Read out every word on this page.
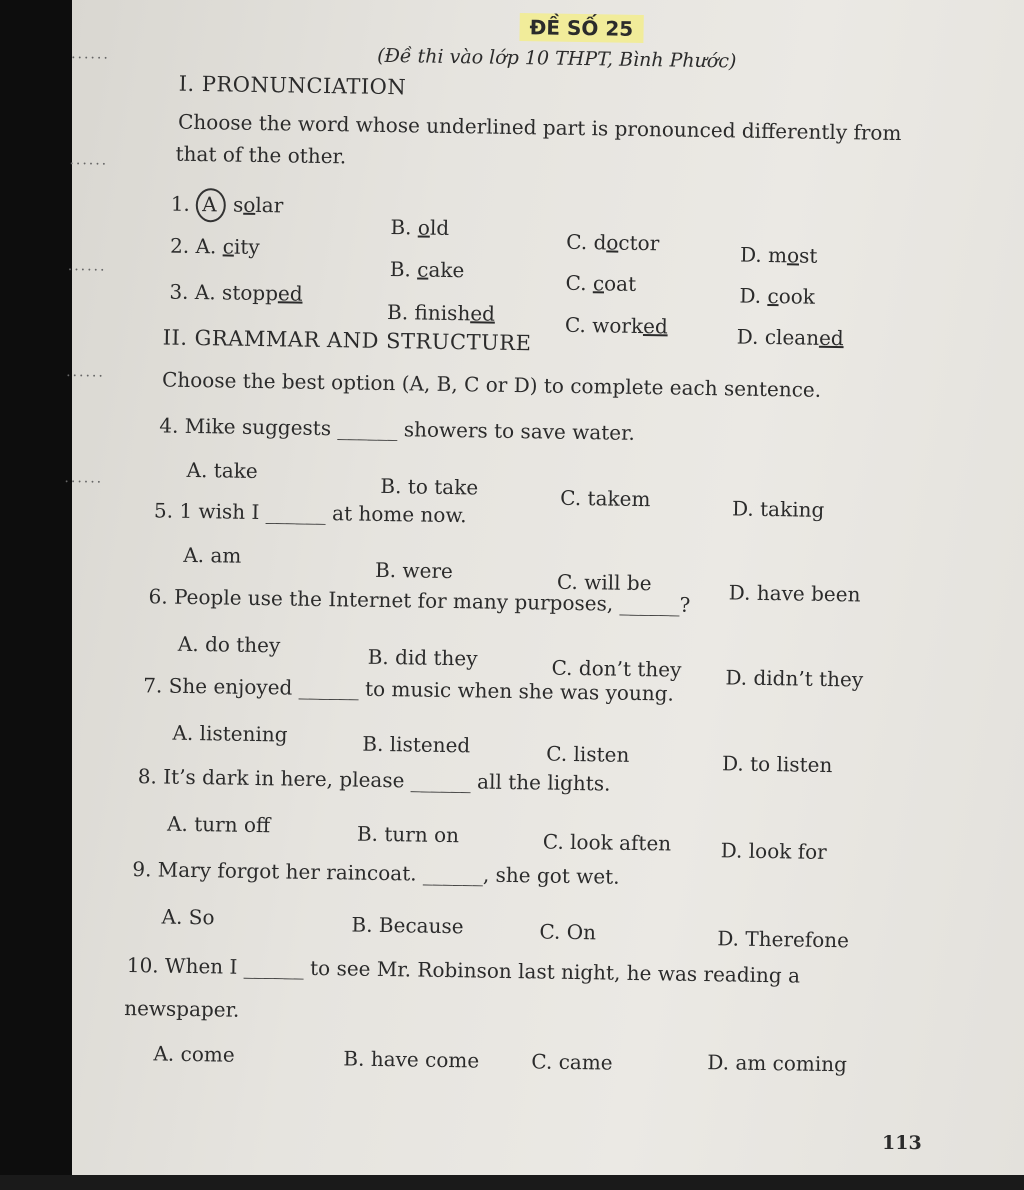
......
......
......
......
......
ĐỀ SỐ 25
(Đề thi vào lớp 10 THPT, Bình Phước)
I. PRONUNCIATION
Choose the word whose underlined part is pronounced differently from
that of the other.
1. A solar
B. old
C. doctor	D. most
2. A. city
B. cake
C. coat	D. cook
3. A. stopped
B. finished	C. worked	D. cleaned
II. GRAMMAR AND STRUCTURE
Choose the best option (A, B, C or D) to complete each sentence.
4. Mike suggests ______ showers to save water.
A. take
B. to take	C. takem	D. taking
5. 1 wish I ______ at home now.
A. am
B. were	C. will be	D. have been
6. People use the Internet for many purposes, ______?
A. do they
B. did they	C. don’t they D. didn’t they
7. She enjoyed ______ to music when she was young.
A. listening	B. listened	C. listen	D. to listen
8. It’s dark in here, please ______ all the lights.
A. turn off	B. turn on	C. look aften D. look for
9. Mary forgot her raincoat. ______, she got wet.
A. So	B. Because	C. On	D. Therefone
10. When I ______ to see Mr. Robinson last night, he was reading a
newspaper.
A. come	B. have come	C. came	D. am coming
113
